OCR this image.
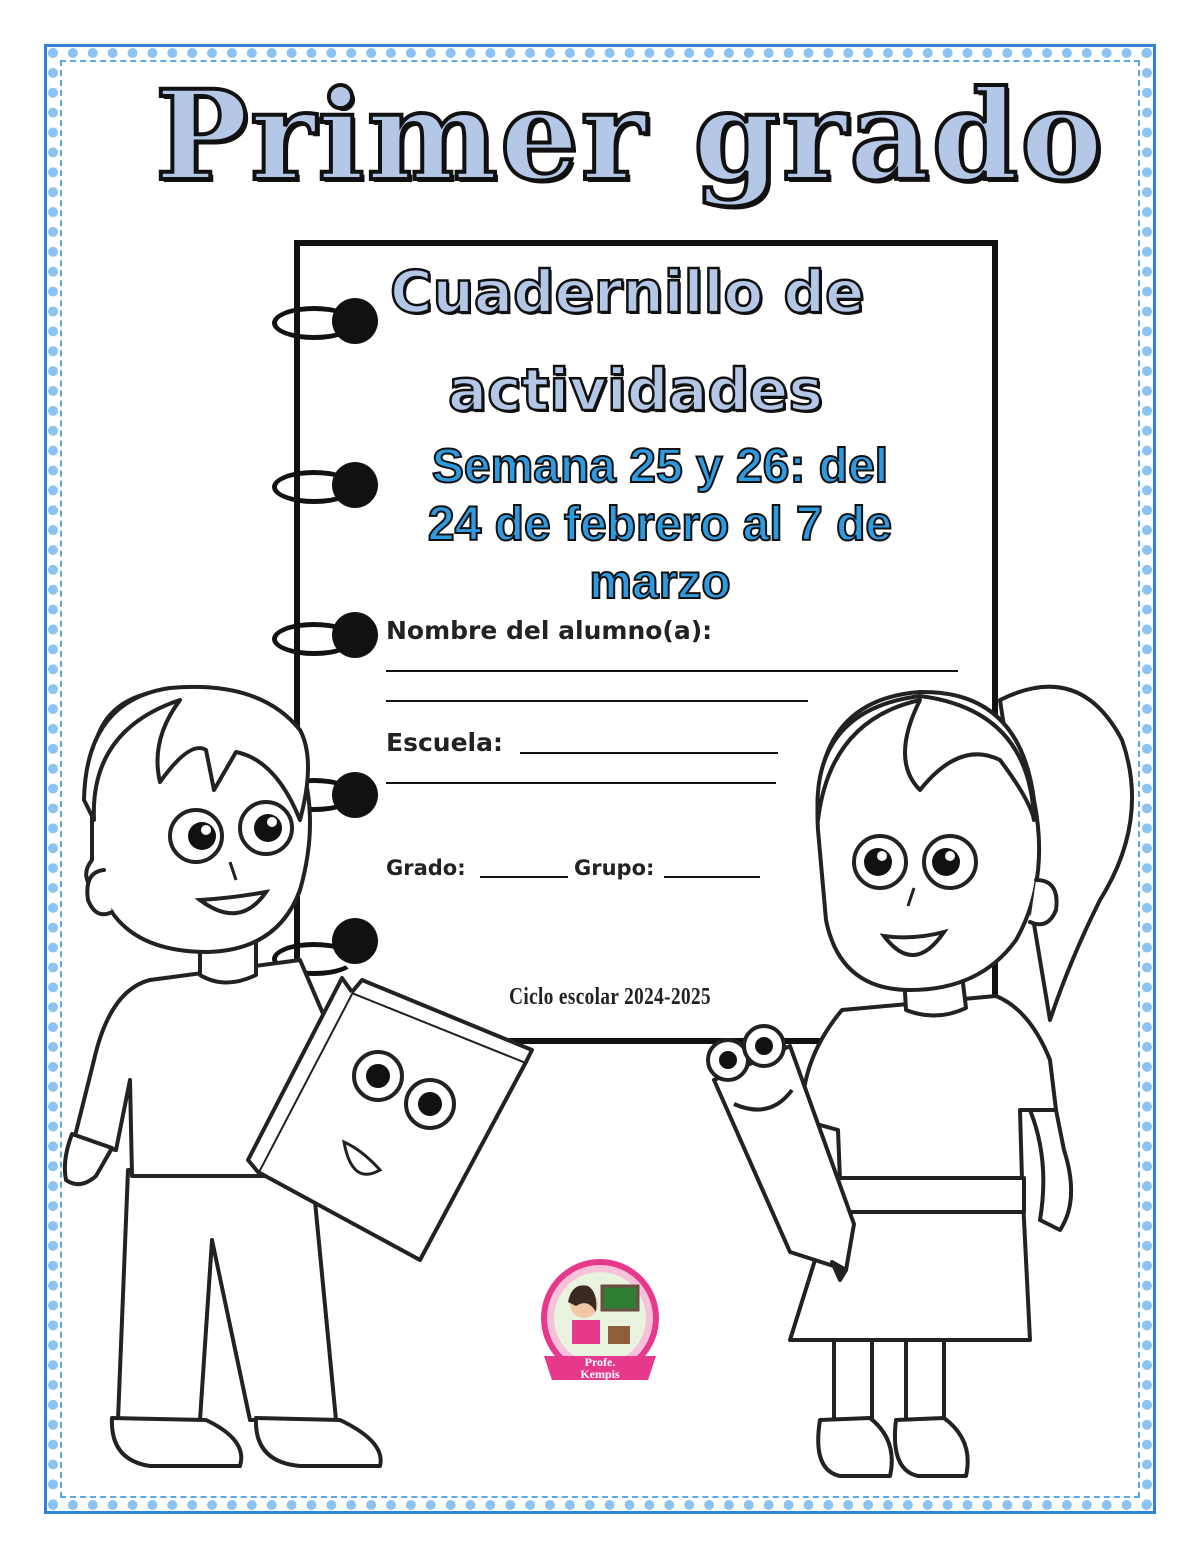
Primer grado
Cuadernillo de
actividades
Semana 25 y 26: del
24 de febrero al 7 de
marzo
Nombre del alumno(a):
Escuela:
Grado:	Grupo:
Ciclo escolar 2024-2025
Profe.
Kempis
